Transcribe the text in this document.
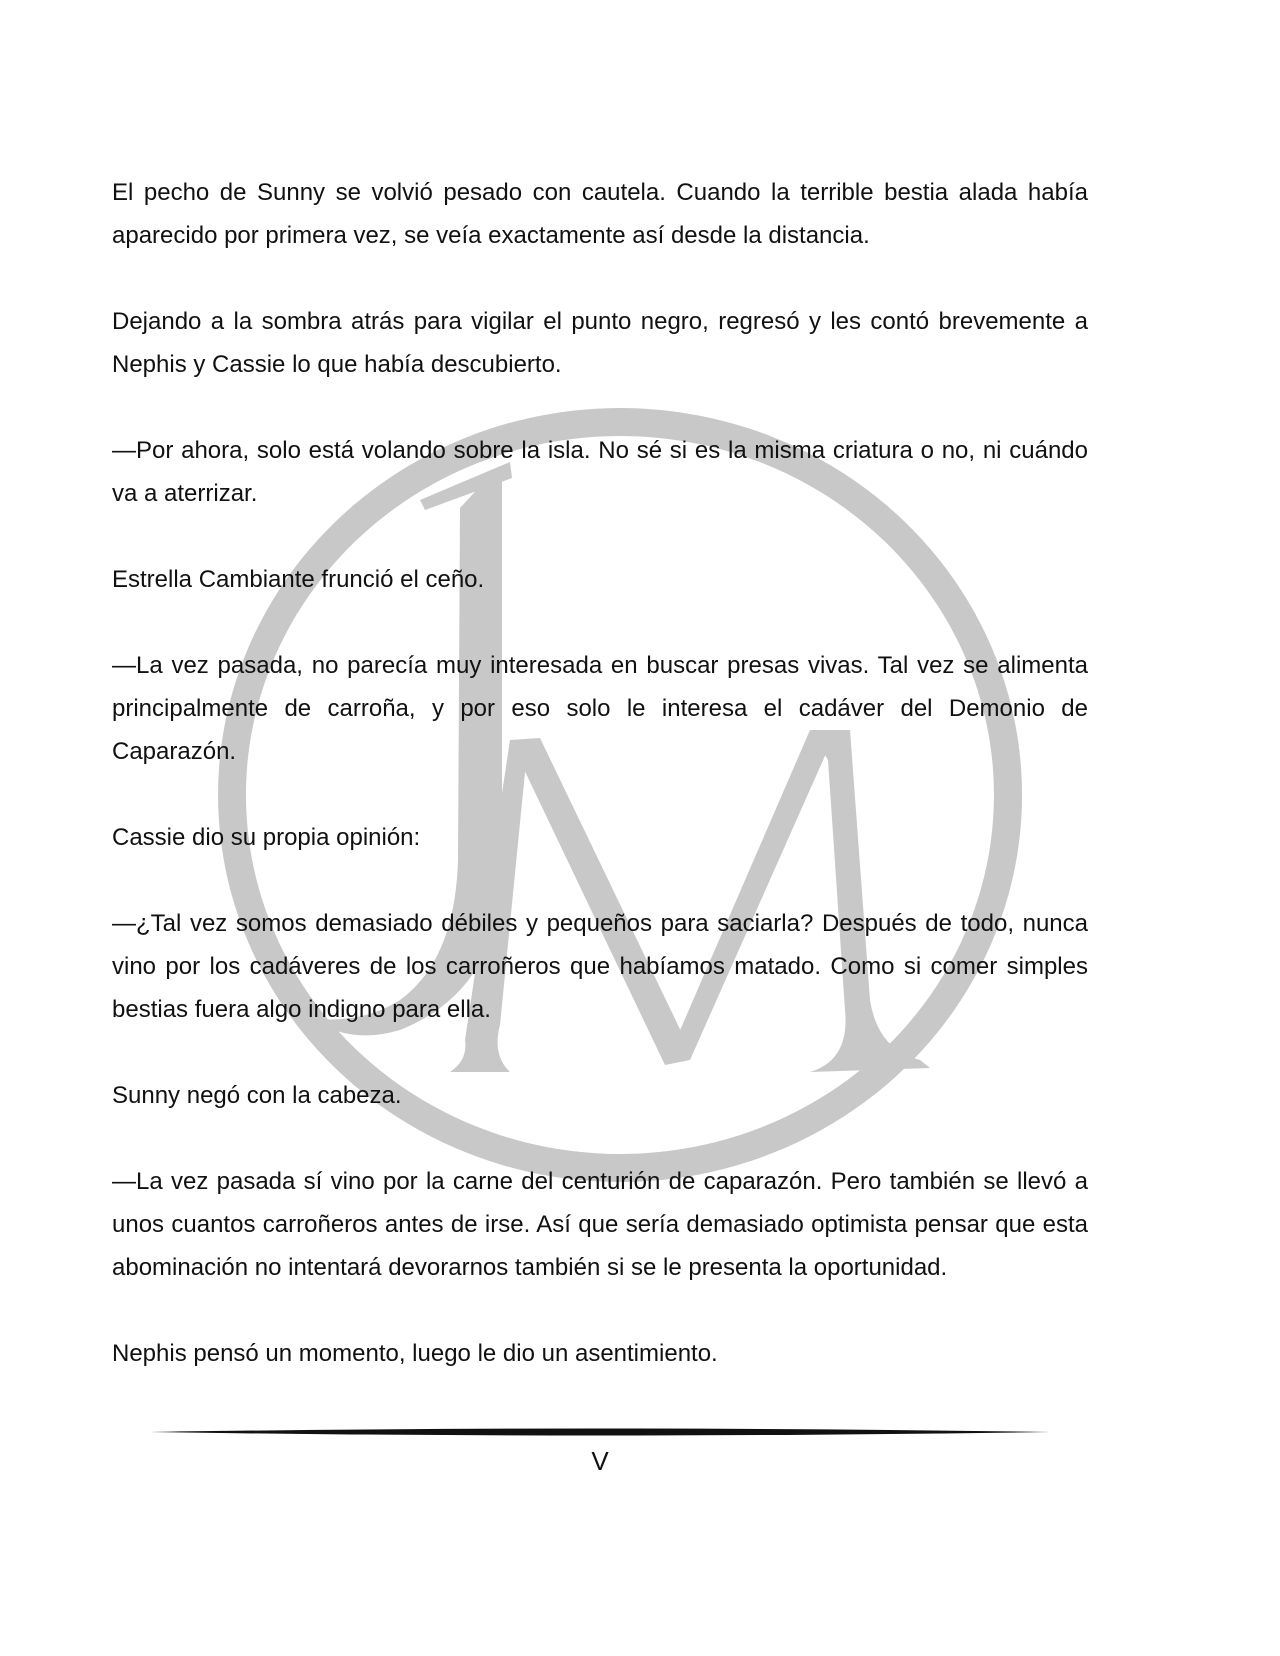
El pecho de Sunny se volvió pesado con cautela. Cuando la terrible bestia alada había aparecido por primera vez, se veía exactamente así desde la distancia.

Dejando a la sombra atrás para vigilar el punto negro, regresó y les contó brevemente a Nephis y Cassie lo que había descubierto.

—Por ahora, solo está volando sobre la isla. No sé si es la misma criatura o no, ni cuándo va a aterrizar.

Estrella Cambiante frunció el ceño.

—La vez pasada, no parecía muy interesada en buscar presas vivas. Tal vez se alimenta principalmente de carroña, y por eso solo le interesa el cadáver del Demonio de Caparazón.

Cassie dio su propia opinión:

—¿Tal vez somos demasiado débiles y pequeños para saciarla? Después de todo, nunca vino por los cadáveres de los carroñeros que habíamos matado. Como si comer simples bestias fuera algo indigno para ella.

Sunny negó con la cabeza.

—La vez pasada sí vino por la carne del centurión de caparazón. Pero también se llevó a unos cuantos carroñeros antes de irse. Así que sería demasiado optimista pensar que esta abominación no intentará devorarnos también si se le presenta la oportunidad.

Nephis pensó un momento, luego le dio un asentimiento.

V
